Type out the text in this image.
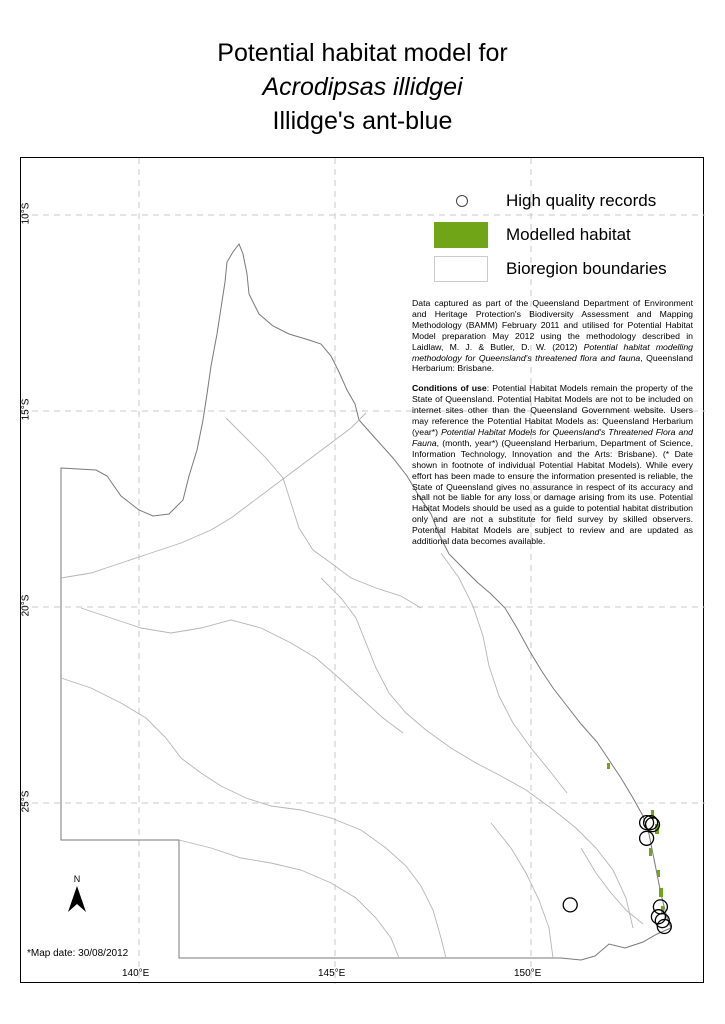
Potential habitat model for

Acrodipsas illidgei

Illidge's ant-blue

10°S
15°S
20°S
25°S
140°E	145°E	150°E
High quality records
Modelled habitat
Bioregion boundaries

Data captured as part of the Queensland Department of Environment and Heritage Protection's Biodiversity Assessment and Mapping Methodology (BAMM) February 2011 and utilised for Potential Habitat Model preparation May 2012 using the methodology described in Laidlaw, M. J. & Butler, D. W. (2012) Potential habitat modelling methodology for Queensland's threatened flora and fauna, Queensland Herbarium: Brisbane.

Conditions of use: Potential Habitat Models remain the property of the State of Queensland. Potential Habitat Models are not to be included on internet sites other than the Queensland Government website. Users may reference the Potential Habitat Models as: Queensland Herbarium (year*) Potential Habitat Models for Queensland's Threatened Flora and Fauna, (month, year*) (Queensland Herbarium, Department of Science, Information Technology, Innovation and the Arts: Brisbane). (* Date shown in footnote of individual Potential Habitat Models). While every effort has been made to ensure the information presented is reliable, the State of Queensland gives no assurance in respect of its accuracy and shall not be liable for any loss or damage arising from its use. Potential Habitat Models should be used as a guide to potential habitat distribution only and are not a substitute for field survey by skilled observers. Potential Habitat Models are subject to review and are updated as additional data becomes available.

N
*Map date: 30/08/2012
